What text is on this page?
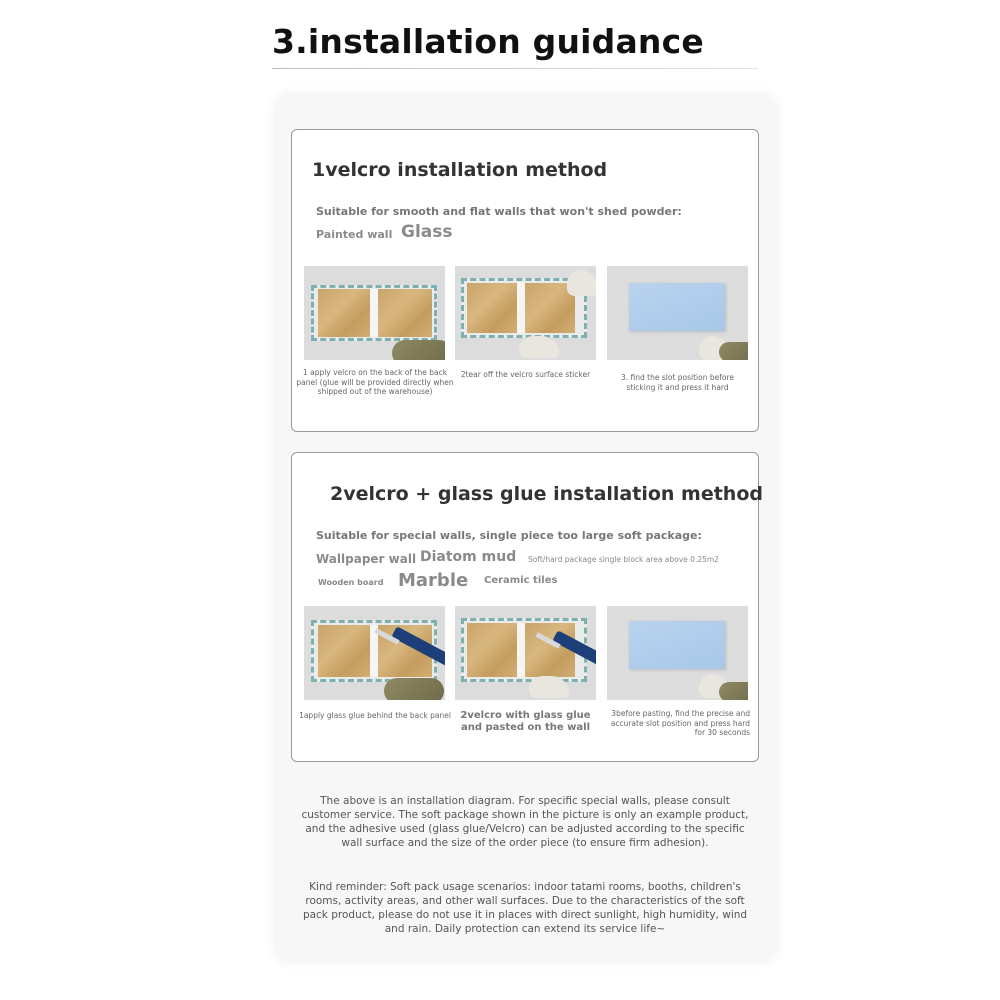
3.installation guidance
1velcro installation method
Suitable for smooth and flat walls that won't shed powder:
Painted wall Glass
1 apply velcro on the back of the back panel (glue will be provided directly when shipped out of the warehouse)
2tear off the velcro surface sticker	3. find the slot position before sticking it and press it hard
2velcro + glass glue installation method
Suitable for special walls, single piece too large soft package:
Wallpaper wall Diatom mud Soft/hard package single block area above 0.25m2
Wooden board Marble Ceramic tiles
1apply glass glue behind the back panel 2velcro with glass glue and pasted on the wall
3before pasting, find the precise and accurate slot position and press hard for 30 seconds
The above is an installation diagram. For specific special walls, please consult customer service. The soft package shown in the picture is only an example product, and the adhesive used (glass glue/Velcro) can be adjusted according to the specific wall surface and the size of the order piece (to ensure firm adhesion).
Kind reminder: Soft pack usage scenarios: indoor tatami rooms, booths, children's rooms, activity areas, and other wall surfaces. Due to the characteristics of the soft pack product, please do not use it in places with direct sunlight, high humidity, wind and rain. Daily protection can extend its service life~
